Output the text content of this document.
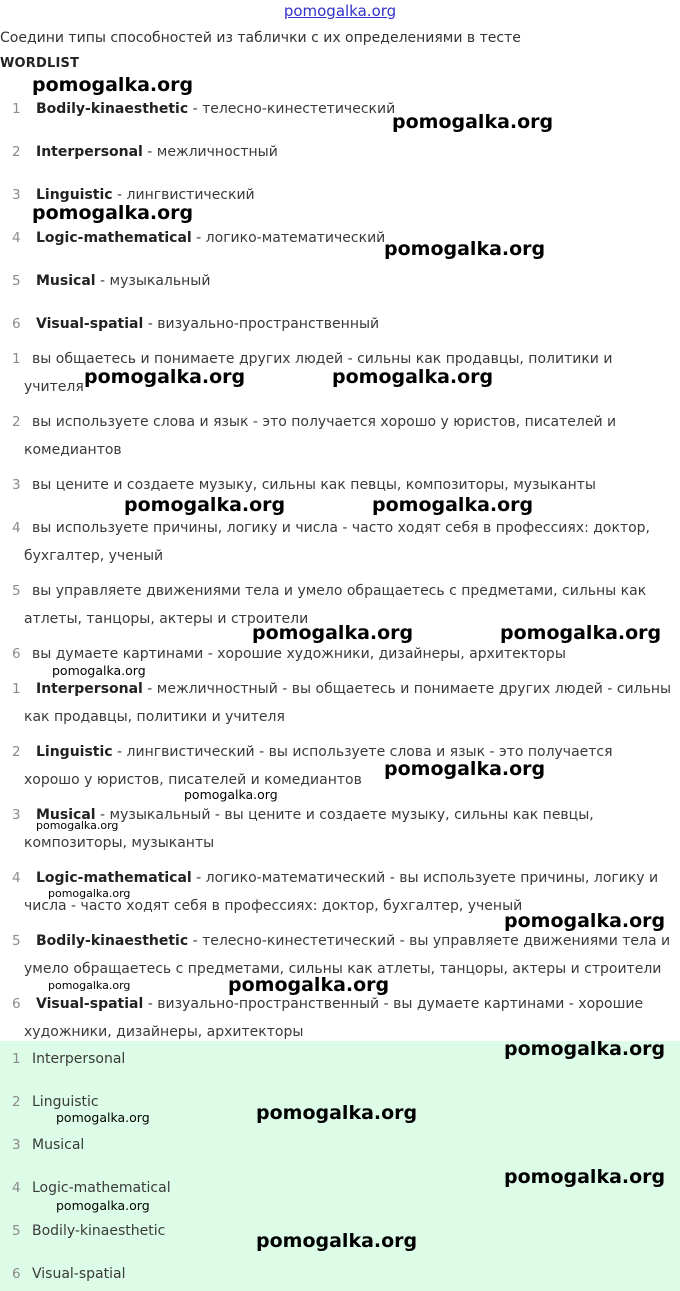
pomogalka.org
Соедини типы способностей из таблички с их определениями в тесте
WORDLIST
1 Bodily-kinaesthetic - телесно-кинестетический
2 Interpersonal - межличностный
3 Linguistic - лингвистический
4 Logic-mathematical - логико-математический
5 Musical - музыкальный
6 Visual-spatial - визуально-пространственный
1 вы общаетесь и понимаете других людей - сильны как продавцы, политики и
учителя
2 вы используете слова и язык - это получается хорошо у юристов, писателей и
комедиантов
3 вы цените и создаете музыку, сильны как певцы, композиторы, музыканты
4 вы используете причины, логику и числа - часто ходят себя в профессиях: доктор,
бухгалтер, ученый
5 вы управляете движениями тела и умело обращаетесь с предметами, сильны как
атлеты, танцоры, актеры и строители
6 вы думаете картинами - хорошие художники, дизайнеры, архитекторы
1 Interpersonal - межличностный - вы общаетесь и понимаете других людей - сильны
как продавцы, политики и учителя
2 Linguistic - лингвистический - вы используете слова и язык - это получается
хорошо у юристов, писателей и комедиантов
3 Musical - музыкальный - вы цените и создаете музыку, сильны как певцы,
композиторы, музыканты
4 Logic-mathematical - логико-математический - вы используете причины, логику и
числа - часто ходят себя в профессиях: доктор, бухгалтер, ученый
5 Bodily-kinaesthetic - телесно-кинестетический - вы управляете движениями тела и
умело обращаетесь с предметами, сильны как атлеты, танцоры, актеры и строители
6 Visual-spatial - визуально-пространственный - вы думаете картинами - хорошие
художники, дизайнеры, архитекторы
1 Interpersonal
2 Linguistic
3 Musical
4 Logic-mathematical
5 Bodily-kinaesthetic
6 Visual-spatial
pomogalka.org
pomogalka.org
pomogalka.org
pomogalka.org
pomogalka.org	pomogalka.org
pomogalka.org	pomogalka.org
pomogalka.org	pomogalka.org
pomogalka.org
pomogalka.org
pomogalka.org
pomogalka.org
pomogalka.org
pomogalka.org
pomogalka.org	pomogalka.org
pomogalka.org
pomogalka.org	pomogalka.org
pomogalka.org
pomogalka.org
pomogalka.org
